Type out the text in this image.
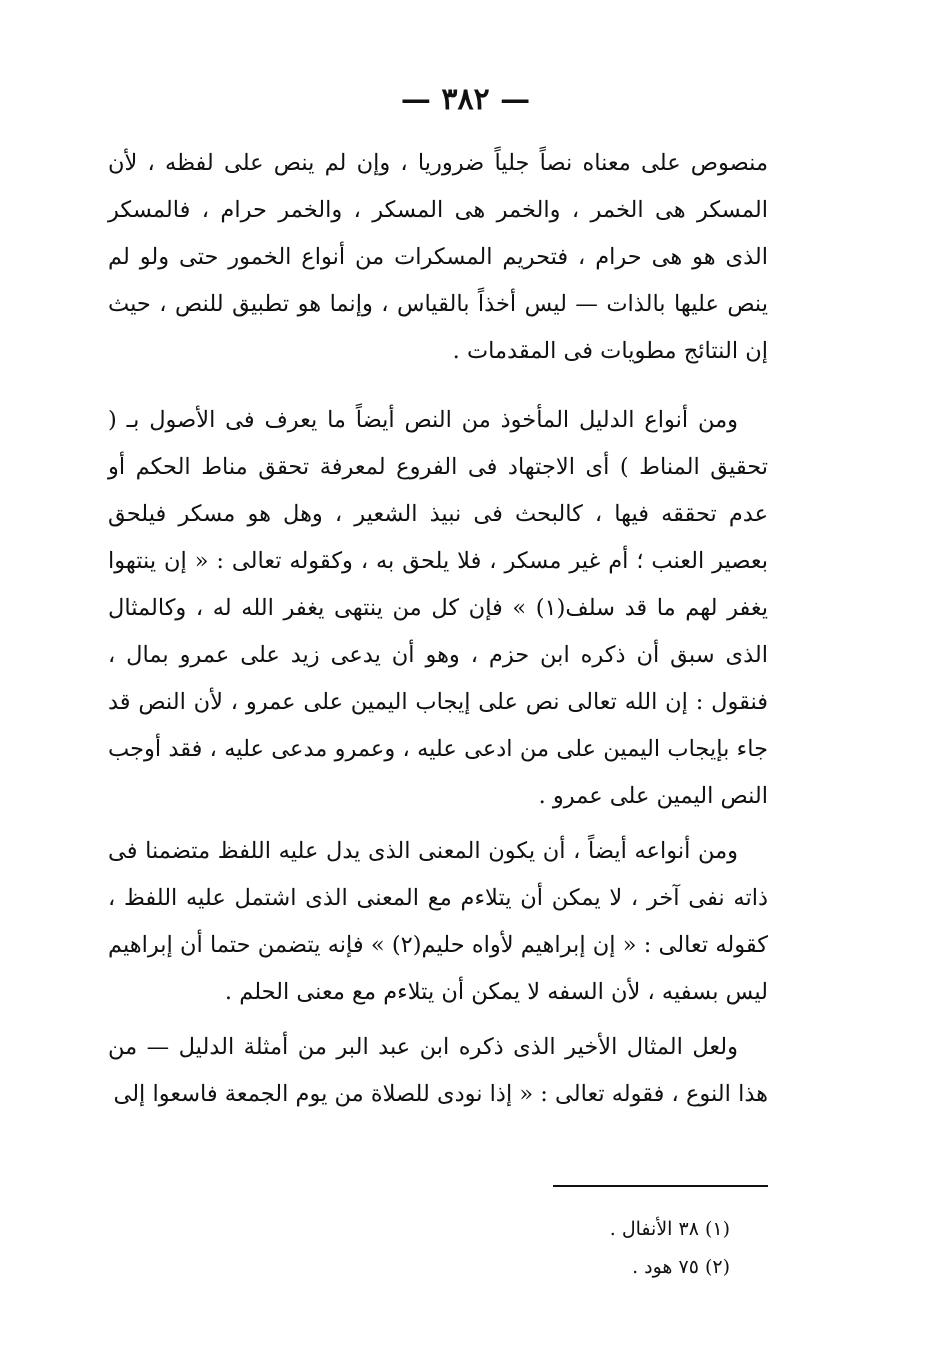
— ٣٨٢ —

منصوص على معناه نصاً جلياً ضروريا ، وإن لم ينص على لفظه ، لأن المسكر هى الخمر ، والخمر هى المسكر ، والخمر حرام ، فالمسكر الذى هو هى حرام ، فتحريم المسكرات من أنواع الخمور حتى ولو لم ينص عليها بالذات — ليس أخذاً بالقياس ، وإنما هو تطبيق للنص ، حيث إن النتائج مطويات فى المقدمات .

ومن أنواع الدليل المأخوذ من النص أيضاً ما يعرف فى الأصول بـ ( تحقيق المناط ) أى الاجتهاد فى الفروع لمعرفة تحقق مناط الحكم أو عدم تحققه فيها ، كالبحث فى نبيذ الشعير ، وهل هو مسكر فيلحق بعصير العنب ؛ أم غير مسكر ، فلا يلحق به ، وكقوله تعالى : « إن ينتهوا يغفر لهم ما قد سلف(١) » فإن كل من ينتهى يغفر الله له ، وكالمثال الذى سبق أن ذكره ابن حزم ، وهو أن يدعى زيد على عمرو بمال ، فنقول : إن الله تعالى نص على إيجاب اليمين على عمرو ، لأن النص قد جاء بإيجاب اليمين على من ادعى عليه ، وعمرو مدعى عليه ، فقد أوجب النص اليمين على عمرو .

ومن أنواعه أيضاً ، أن يكون المعنى الذى يدل عليه اللفظ متضمنا فى ذاته نفى آخر ، لا يمكن أن يتلاءم مع المعنى الذى اشتمل عليه اللفظ ، كقوله تعالى : « إن إبراهيم لأواه حليم(٢) » فإنه يتضمن حتما أن إبراهيم ليس بسفيه ، لأن السفه لا يمكن أن يتلاءم مع معنى الحلم .

ولعل المثال الأخير الذى ذكره ابن عبد البر من أمثلة الدليل — من هذا النوع ، فقوله تعالى : « إذا نودى للصلاة من يوم الجمعة فاسعوا إلى

(١) ٣٨ الأنفال .
(٢) ٧٥ هود .
